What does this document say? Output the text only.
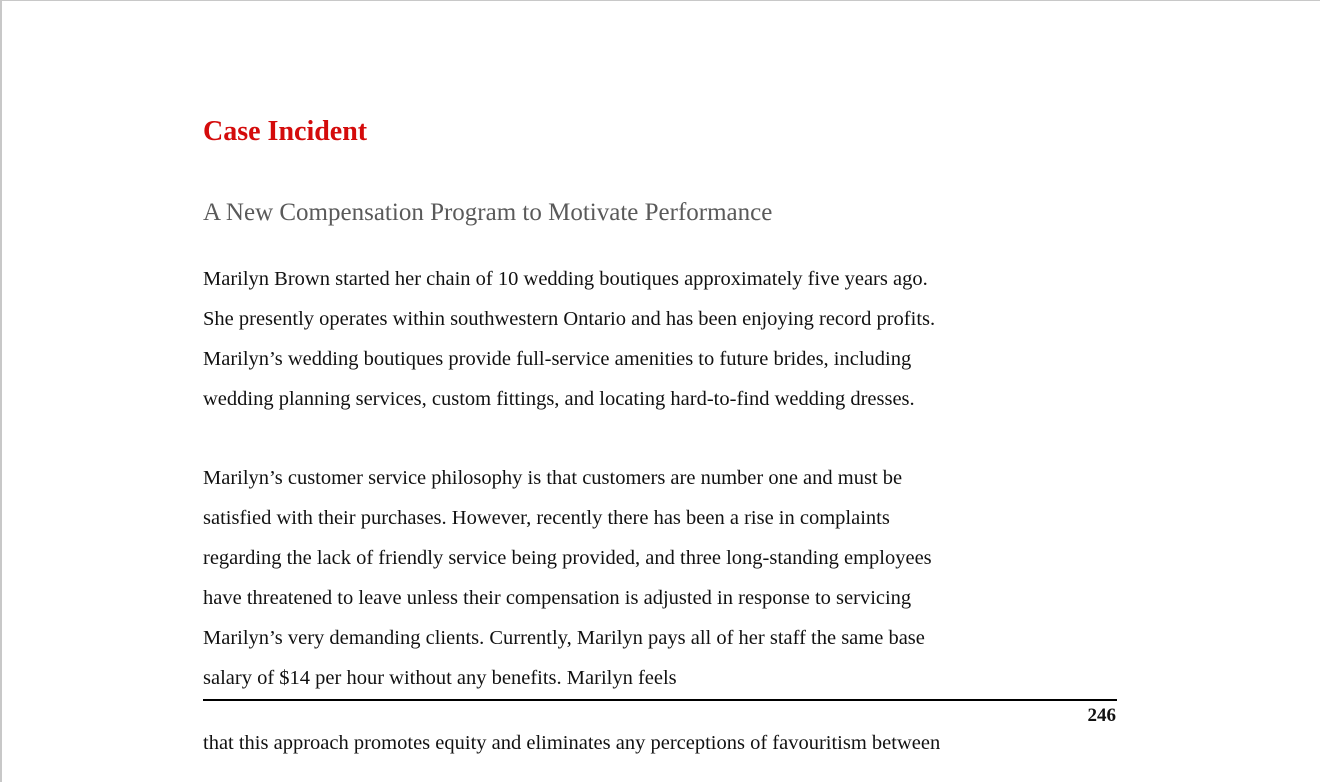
Case Incident
A New Compensation Program to Motivate Performance
Marilyn Brown started her chain of 10 wedding boutiques approximately five years ago.
She presently operates within southwestern Ontario and has been enjoying record profits.
Marilyn’s wedding boutiques provide full-service amenities to future brides, including
wedding planning services, custom fittings, and locating hard-to-find wedding dresses.
Marilyn’s customer service philosophy is that customers are number one and must be
satisfied with their purchases. However, recently there has been a rise in complaints
regarding the lack of friendly service being provided, and three long-standing employees
have threatened to leave unless their compensation is adjusted in response to servicing
Marilyn’s very demanding clients. Currently, Marilyn pays all of her staff the same base
salary of $14 per hour without any benefits. Marilyn feels
246
that this approach promotes equity and eliminates any perceptions of favouritism between
